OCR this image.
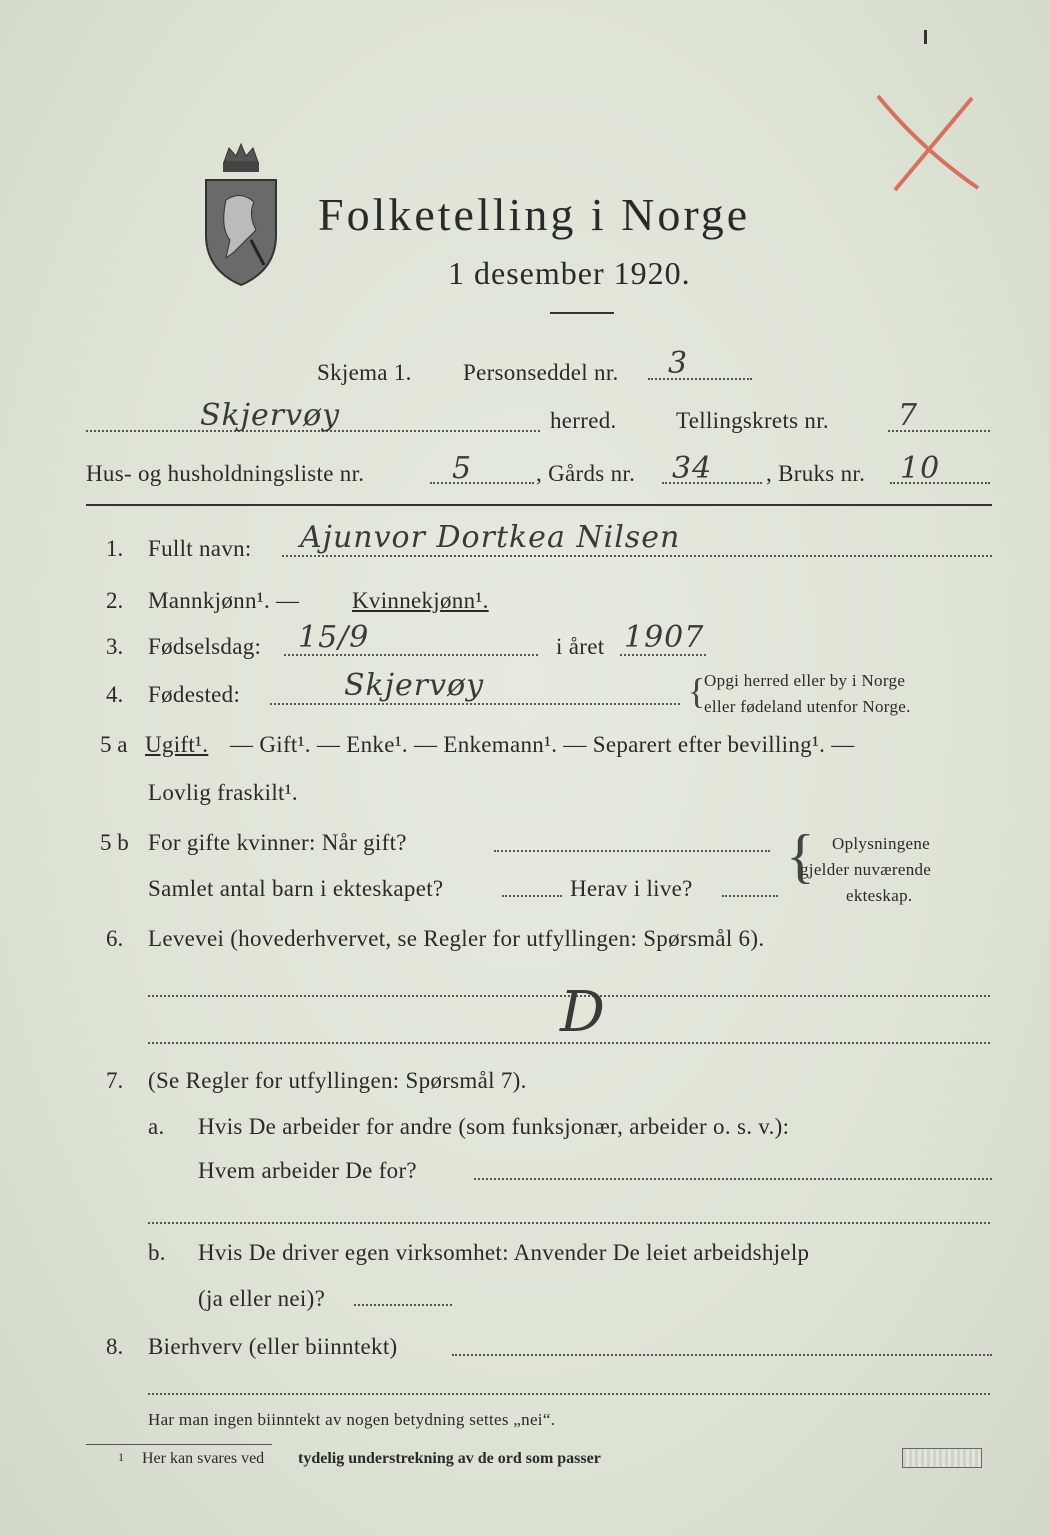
Folketelling i Norge
1 desember 1920.
Skjema 1. Personseddel nr. 3
Skjervøy	herred.	Tellingskrets nr. 7
Hus- og husholdningsliste nr.	5	, Gårds nr. 34 , Bruks nr. 10
1. Fullt navn: Ajunvor Dortkea Nilsen
2. Mannkjønn¹. — Kvinnekjønn¹.
3. Fødselsdag: 15/9	i året 1907
4. Fødested:	Skjervøy	{
Opgi herred eller by i Norge
eller fødeland utenfor Norge.
5 a Ugift¹. — Gift¹. — Enke¹. — Enkemann¹. — Separert efter bevilling¹. —
Lovlig fraskilt¹.
5 b For gifte kvinner: Når gift?
Samlet antal barn i ekteskapet?	Herav i live? { Oplysningene
gjelder nuværende
ekteskap.
6. Levevei (hovederhvervet, se Regler for utfyllingen: Spørsmål 6).
D
7. (Se Regler for utfyllingen: Spørsmål 7).
a. Hvis De arbeider for andre (som funksjonær, arbeider o. s. v.):
Hvem arbeider De for?
b. Hvis De driver egen virksomhet: Anvender De leiet arbeidshjelp
(ja eller nei)?
8. Bierhverv (eller biinntekt)
Har man ingen biinntekt av nogen betydning settes „nei“.
1 Her kan svares ved tydelig understrekning av de ord som passer
